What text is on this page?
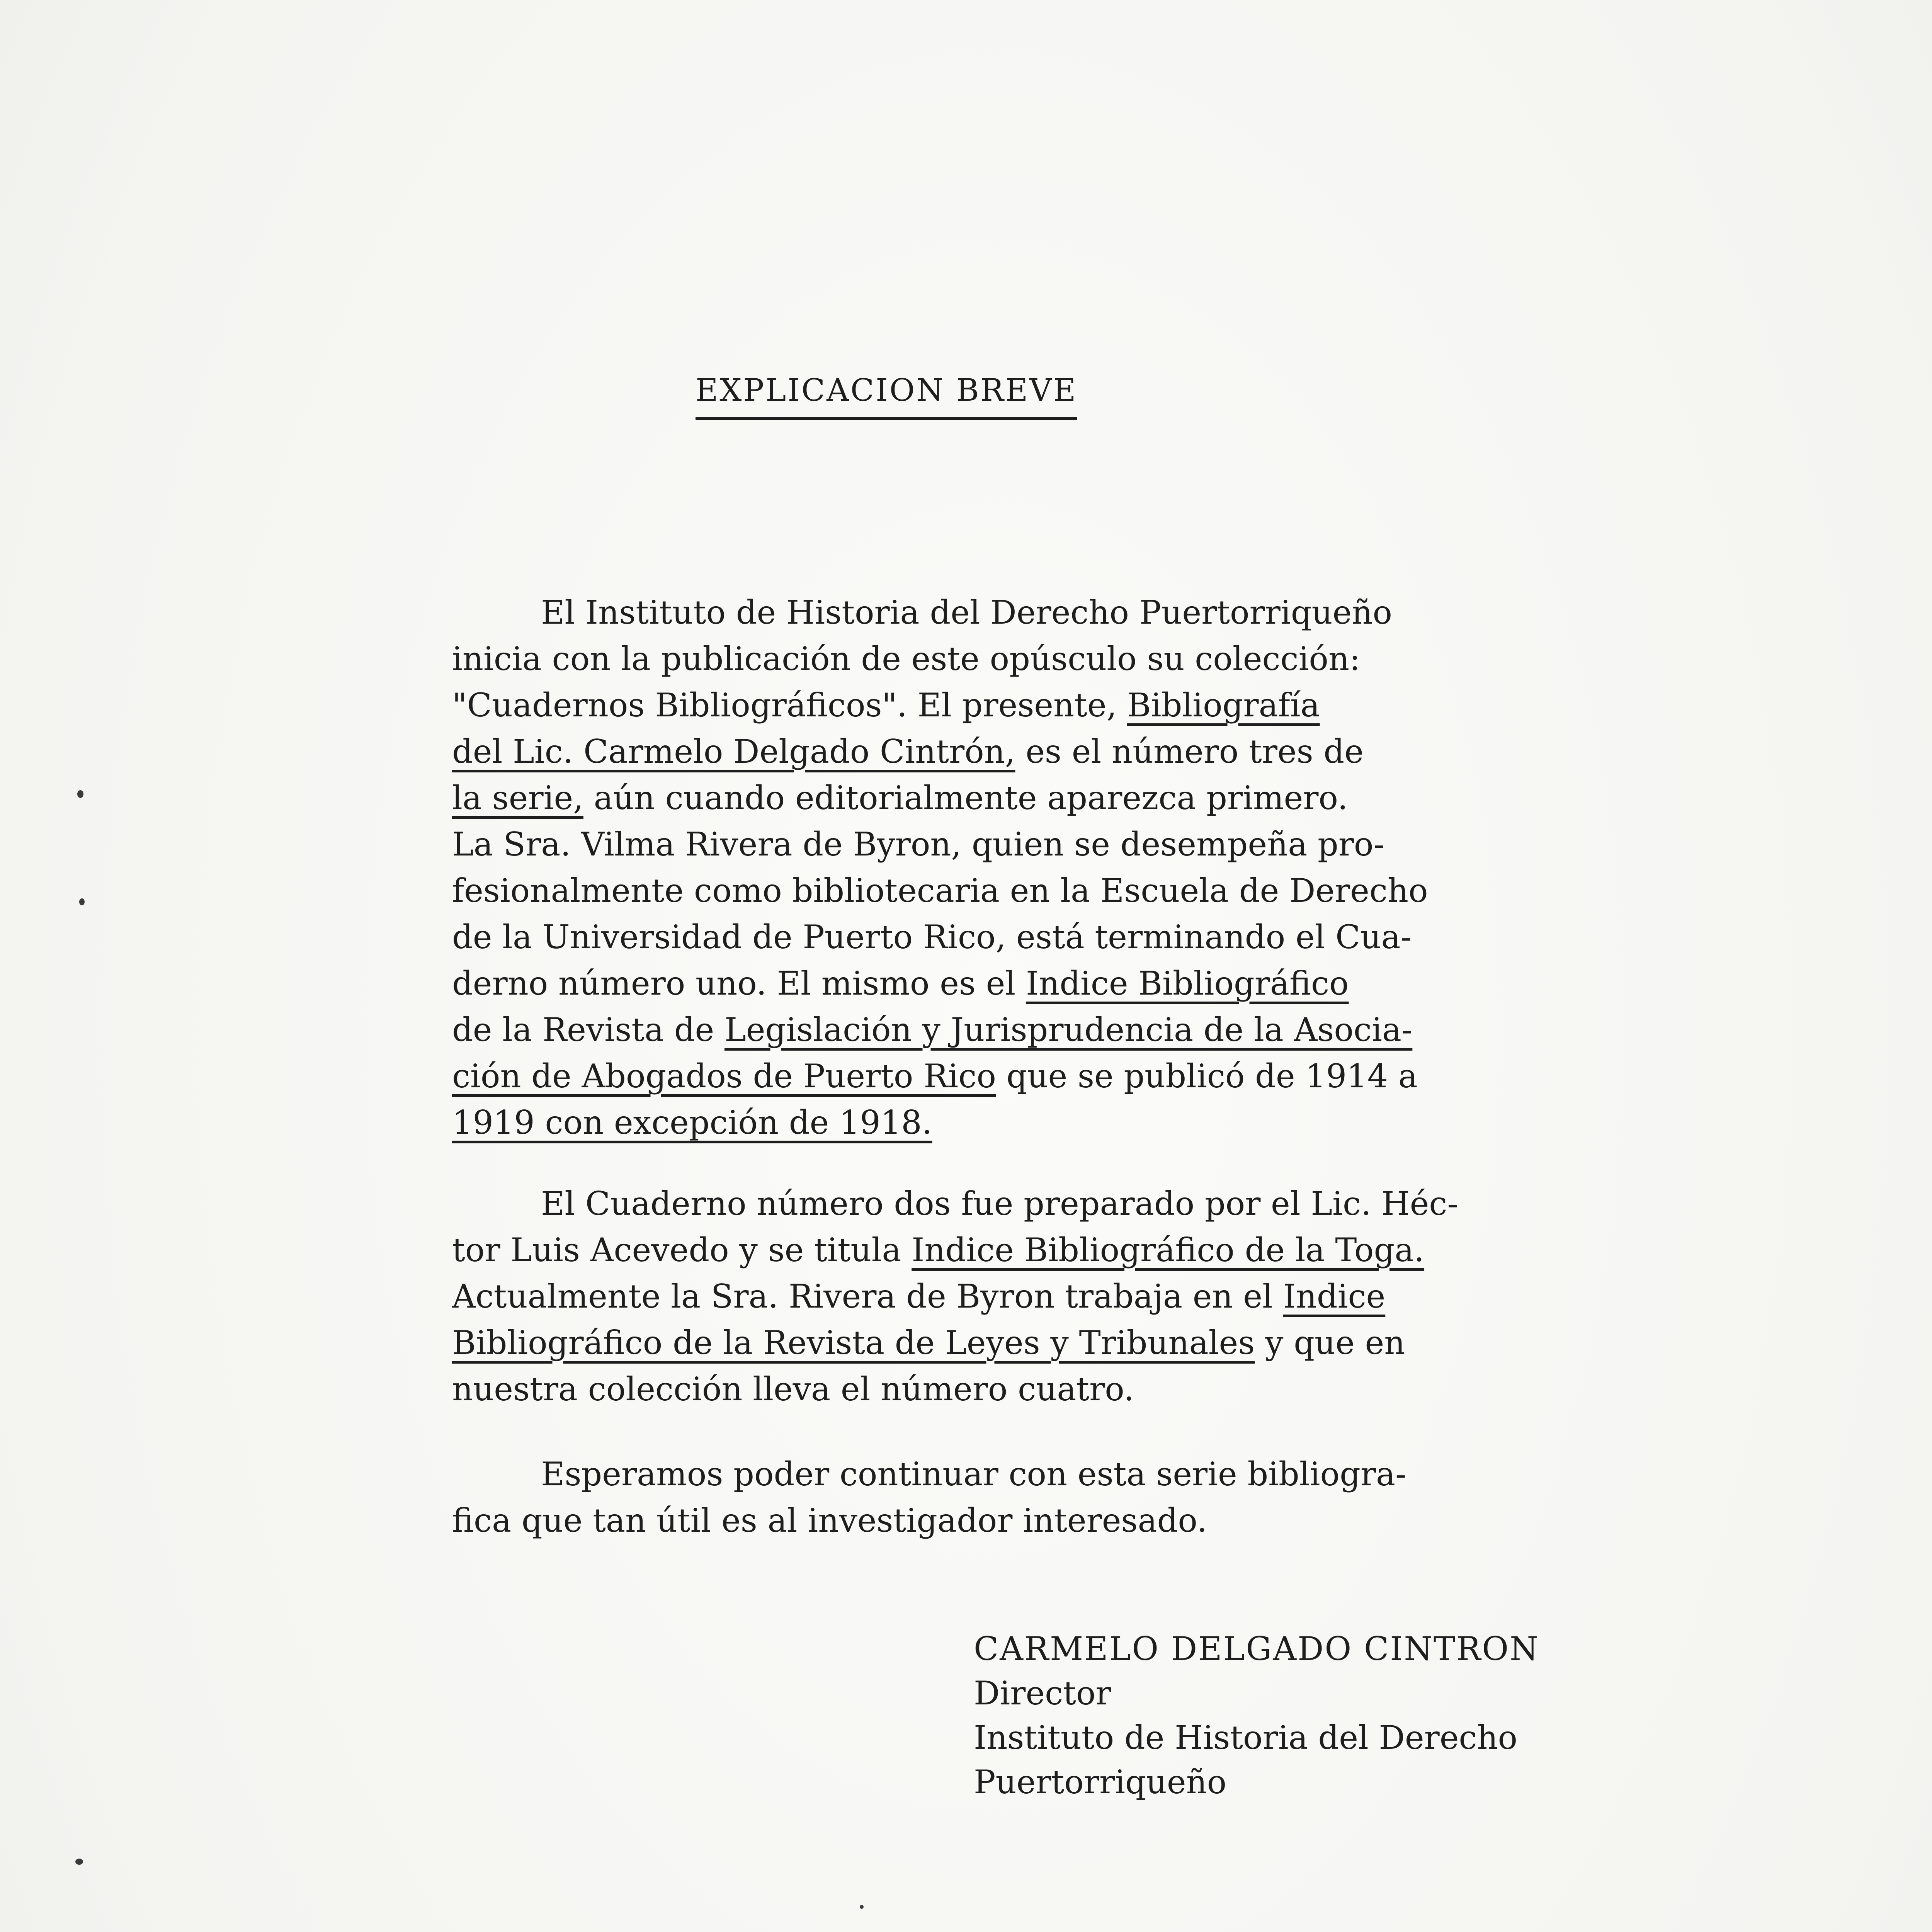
EXPLICACION BREVE
El Instituto de Historia del Derecho Puertorriqueño
inicia con la publicación de este opúsculo su colección:
"Cuadernos Bibliográficos". El presente, Bibliografía
del Lic. Carmelo Delgado Cintrón, es el número tres de
la serie, aún cuando editorialmente aparezca primero.
La Sra. Vilma Rivera de Byron, quien se desempeña pro-
fesionalmente como bibliotecaria en la Escuela de Derecho
de la Universidad de Puerto Rico, está terminando el Cua-
derno número uno. El mismo es el Indice Bibliográfico
de la Revista de Legislación y Jurisprudencia de la Asocia-
ción de Abogados de Puerto Rico que se publicó de 1914 a
1919 con excepción de 1918.
El Cuaderno número dos fue preparado por el Lic. Héc-
tor Luis Acevedo y se titula Indice Bibliográfico de la Toga.
Actualmente la Sra. Rivera de Byron trabaja en el Indice
Bibliográfico de la Revista de Leyes y Tribunales y que en
nuestra colección lleva el número cuatro.
Esperamos poder continuar con esta serie bibliogra-
fica que tan útil es al investigador interesado.
CARMELO DELGADO CINTRON
Director
Instituto de Historia del Derecho
Puertorriqueño
